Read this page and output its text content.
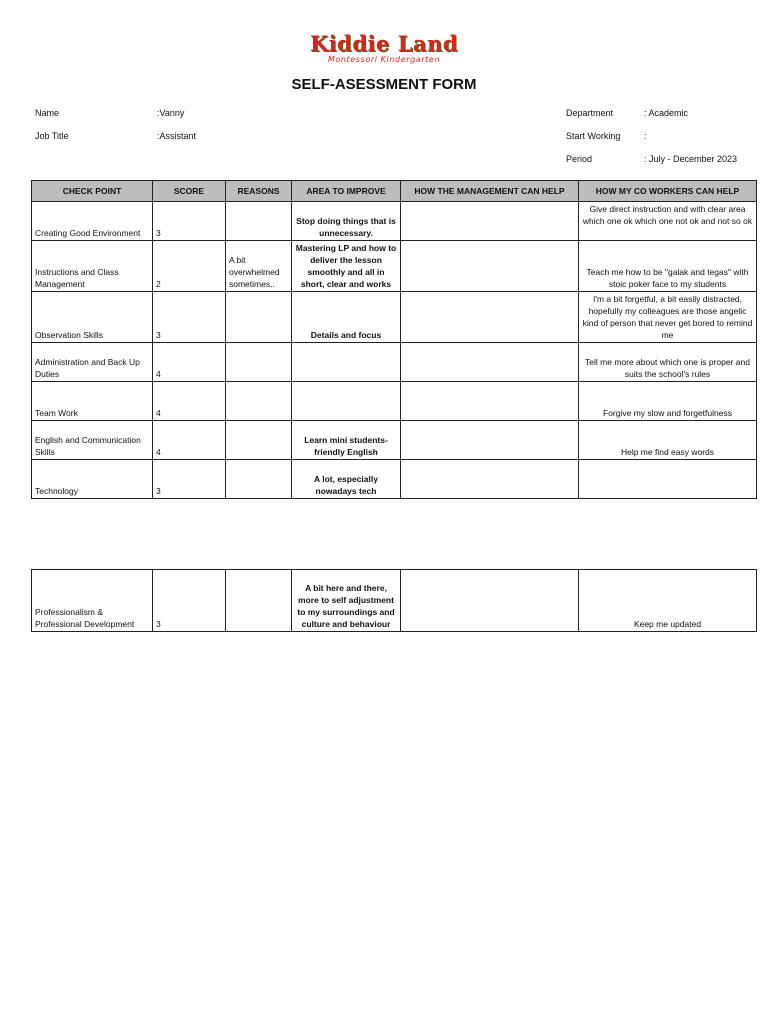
Kiddie Land
Montessori Kindergarten
SELF-ASESSMENT FORM
Name	:Vanny
Job Title	:Assistant
Department	: Academic
Start Working	:
Period	: July - December 2023
CHECK POINT	SCORE	REASONS	AREA TO IMPROVE	HOW THE MANAGEMENT CAN HELP	HOW MY CO WORKERS CAN HELP
Creating Good Environment	3		Stop doing things that is unnecessary.		Give direct instruction and with clear area which one ok which one not ok and not so ok
Instructions and Class Management	2	A bit overwhelmed sometimes..	Mastering LP and how to deliver the lesson smoothly and all in short, clear and works		Teach me how to be "galak and tegas" with stoic poker face to my students
Observation Skills	3		Details and focus		I'm a bit forgetful, a bit easily distracted, hopefully my colleagues are those angelic kind of person that never get bored to remind me
Administration and Back Up Duties	4				Tell me more about which one is proper and suits the school's rules
Team Work	4				Forgive my slow and forgetfulness
English and Communication Skills	4		Learn mini students-friendly English		Help me find easy words
Technology	3		A lot, especially nowadays tech		
Professionalism & Professional Development	3		A bit here and there, more to self adjustment to my surroundings and culture and behaviour		Keep me updated
